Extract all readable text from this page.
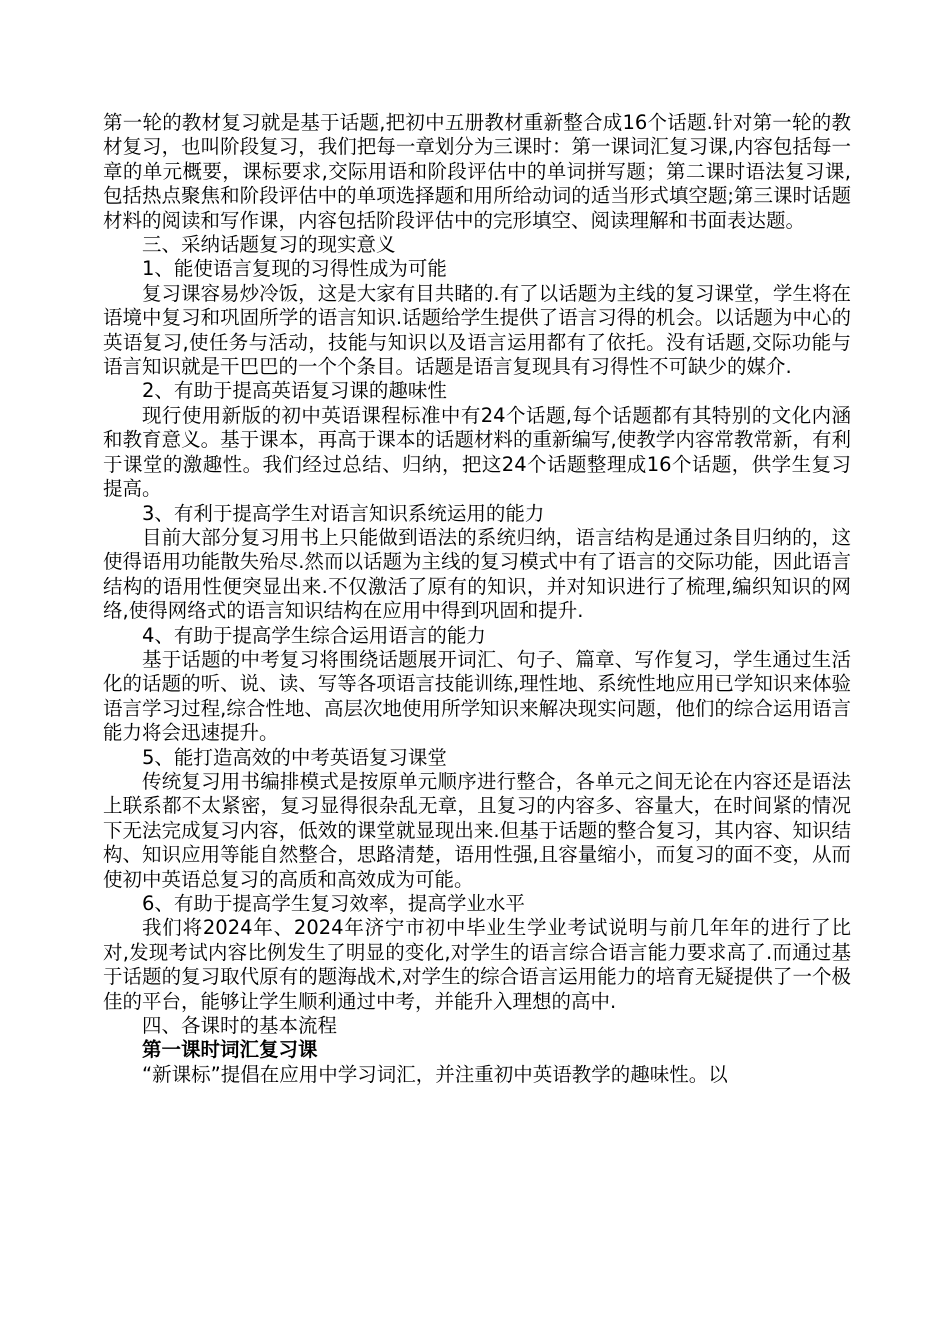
第一轮的教材复习就是基于话题,把初中五册教材重新整合成16个话题.针对第一轮的教材复习，也叫阶段复习，我们把每一章划分为三课时：第一课词汇复习课,内容包括每一章的单元概要，课标要求,交际用语和阶段评估中的单词拼写题；第二课时语法复习课,包括热点聚焦和阶段评估中的单项选择题和用所给动词的适当形式填空题;第三课时话题材料的阅读和写作课，内容包括阶段评估中的完形填空、阅读理解和书面表达题。

三、采纳话题复习的现实意义

1、能使语言复现的习得性成为可能

复习课容易炒冷饭，这是大家有目共睹的.有了以话题为主线的复习课堂，学生将在语境中复习和巩固所学的语言知识.话题给学生提供了语言习得的机会。以话题为中心的英语复习,使任务与活动，技能与知识以及语言运用都有了依托。没有话题,交际功能与语言知识就是干巴巴的一个个条目。话题是语言复现具有习得性不可缺少的媒介.

2、有助于提高英语复习课的趣味性

现行使用新版的初中英语课程标准中有24个话题,每个话题都有其特别的文化内涵和教育意义。基于课本，再高于课本的话题材料的重新编写,使教学内容常教常新，有利于课堂的激趣性。我们经过总结、归纳，把这24个话题整理成16个话题，供学生复习提高。

3、有利于提高学生对语言知识系统运用的能力

目前大部分复习用书上只能做到语法的系统归纳，语言结构是通过条目归纳的，这使得语用功能散失殆尽.然而以话题为主线的复习模式中有了语言的交际功能，因此语言结构的语用性便突显出来.不仅激活了原有的知识，并对知识进行了梳理,编织知识的网络,使得网络式的语言知识结构在应用中得到巩固和提升.

4、有助于提高学生综合运用语言的能力

基于话题的中考复习将围绕话题展开词汇、句子、篇章、写作复习，学生通过生活化的话题的听、说、读、写等各项语言技能训练,理性地、系统性地应用已学知识来体验语言学习过程,综合性地、高层次地使用所学知识来解决现实问题，他们的综合运用语言能力将会迅速提升。

5、能打造高效的中考英语复习课堂

传统复习用书编排模式是按原单元顺序进行整合，各单元之间无论在内容还是语法上联系都不太紧密，复习显得很杂乱无章，且复习的内容多、容量大，在时间紧的情况下无法完成复习内容，低效的课堂就显现出来.但基于话题的整合复习，其内容、知识结构、知识应用等能自然整合，思路清楚，语用性强,且容量缩小，而复习的面不变，从而使初中英语总复习的高质和高效成为可能。

6、有助于提高学生复习效率，提高学业水平

我们将2024年、2024年济宁市初中毕业生学业考试说明与前几年年的进行了比对,发现考试内容比例发生了明显的变化,对学生的语言综合语言能力要求高了.而通过基于话题的复习取代原有的题海战术,对学生的综合语言运用能力的培育无疑提供了一个极佳的平台，能够让学生顺利通过中考，并能升入理想的高中.

四、各课时的基本流程

第一课时词汇复习课

“新课标”提倡在应用中学习词汇，并注重初中英语教学的趣味性。以
